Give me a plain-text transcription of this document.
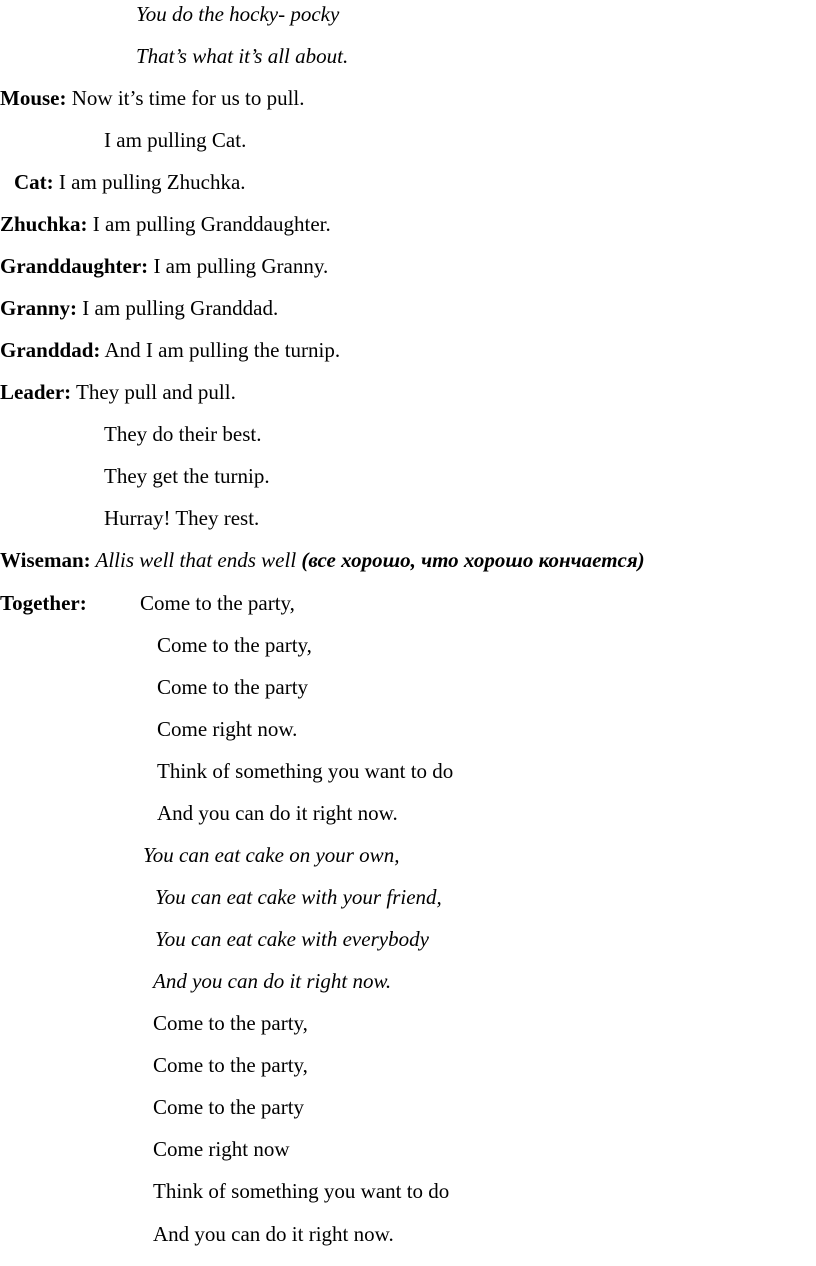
You do the hocky- pocky
That’s what it’s all about.
Mouse: Now it’s time for us to pull.
I am pulling Cat.
Cat: I am pulling Zhuchka.
Zhuchka: I am pulling Granddaughter.
Granddaughter: I am pulling Granny.
Granny: I am pulling Granddad.
Granddad: And I am pulling the turnip.
Leader: They pull and pull.
They do their best.
They get the turnip.
Hurray! They rest.
Wiseman: Allis well that ends well (все хорошо, что хорошо кончается)
Together:	Come to the party,
Come to the party,
Come to the party
Come right now.
Think of something you want to do
And you can do it right now.
You can eat cake on your own,
You can eat cake with your friend,
You can eat cake with everybody
And you can do it right now.
Come to the party,
Come to the party,
Come to the party
Come right now
Think of something you want to do
And you can do it right now.
